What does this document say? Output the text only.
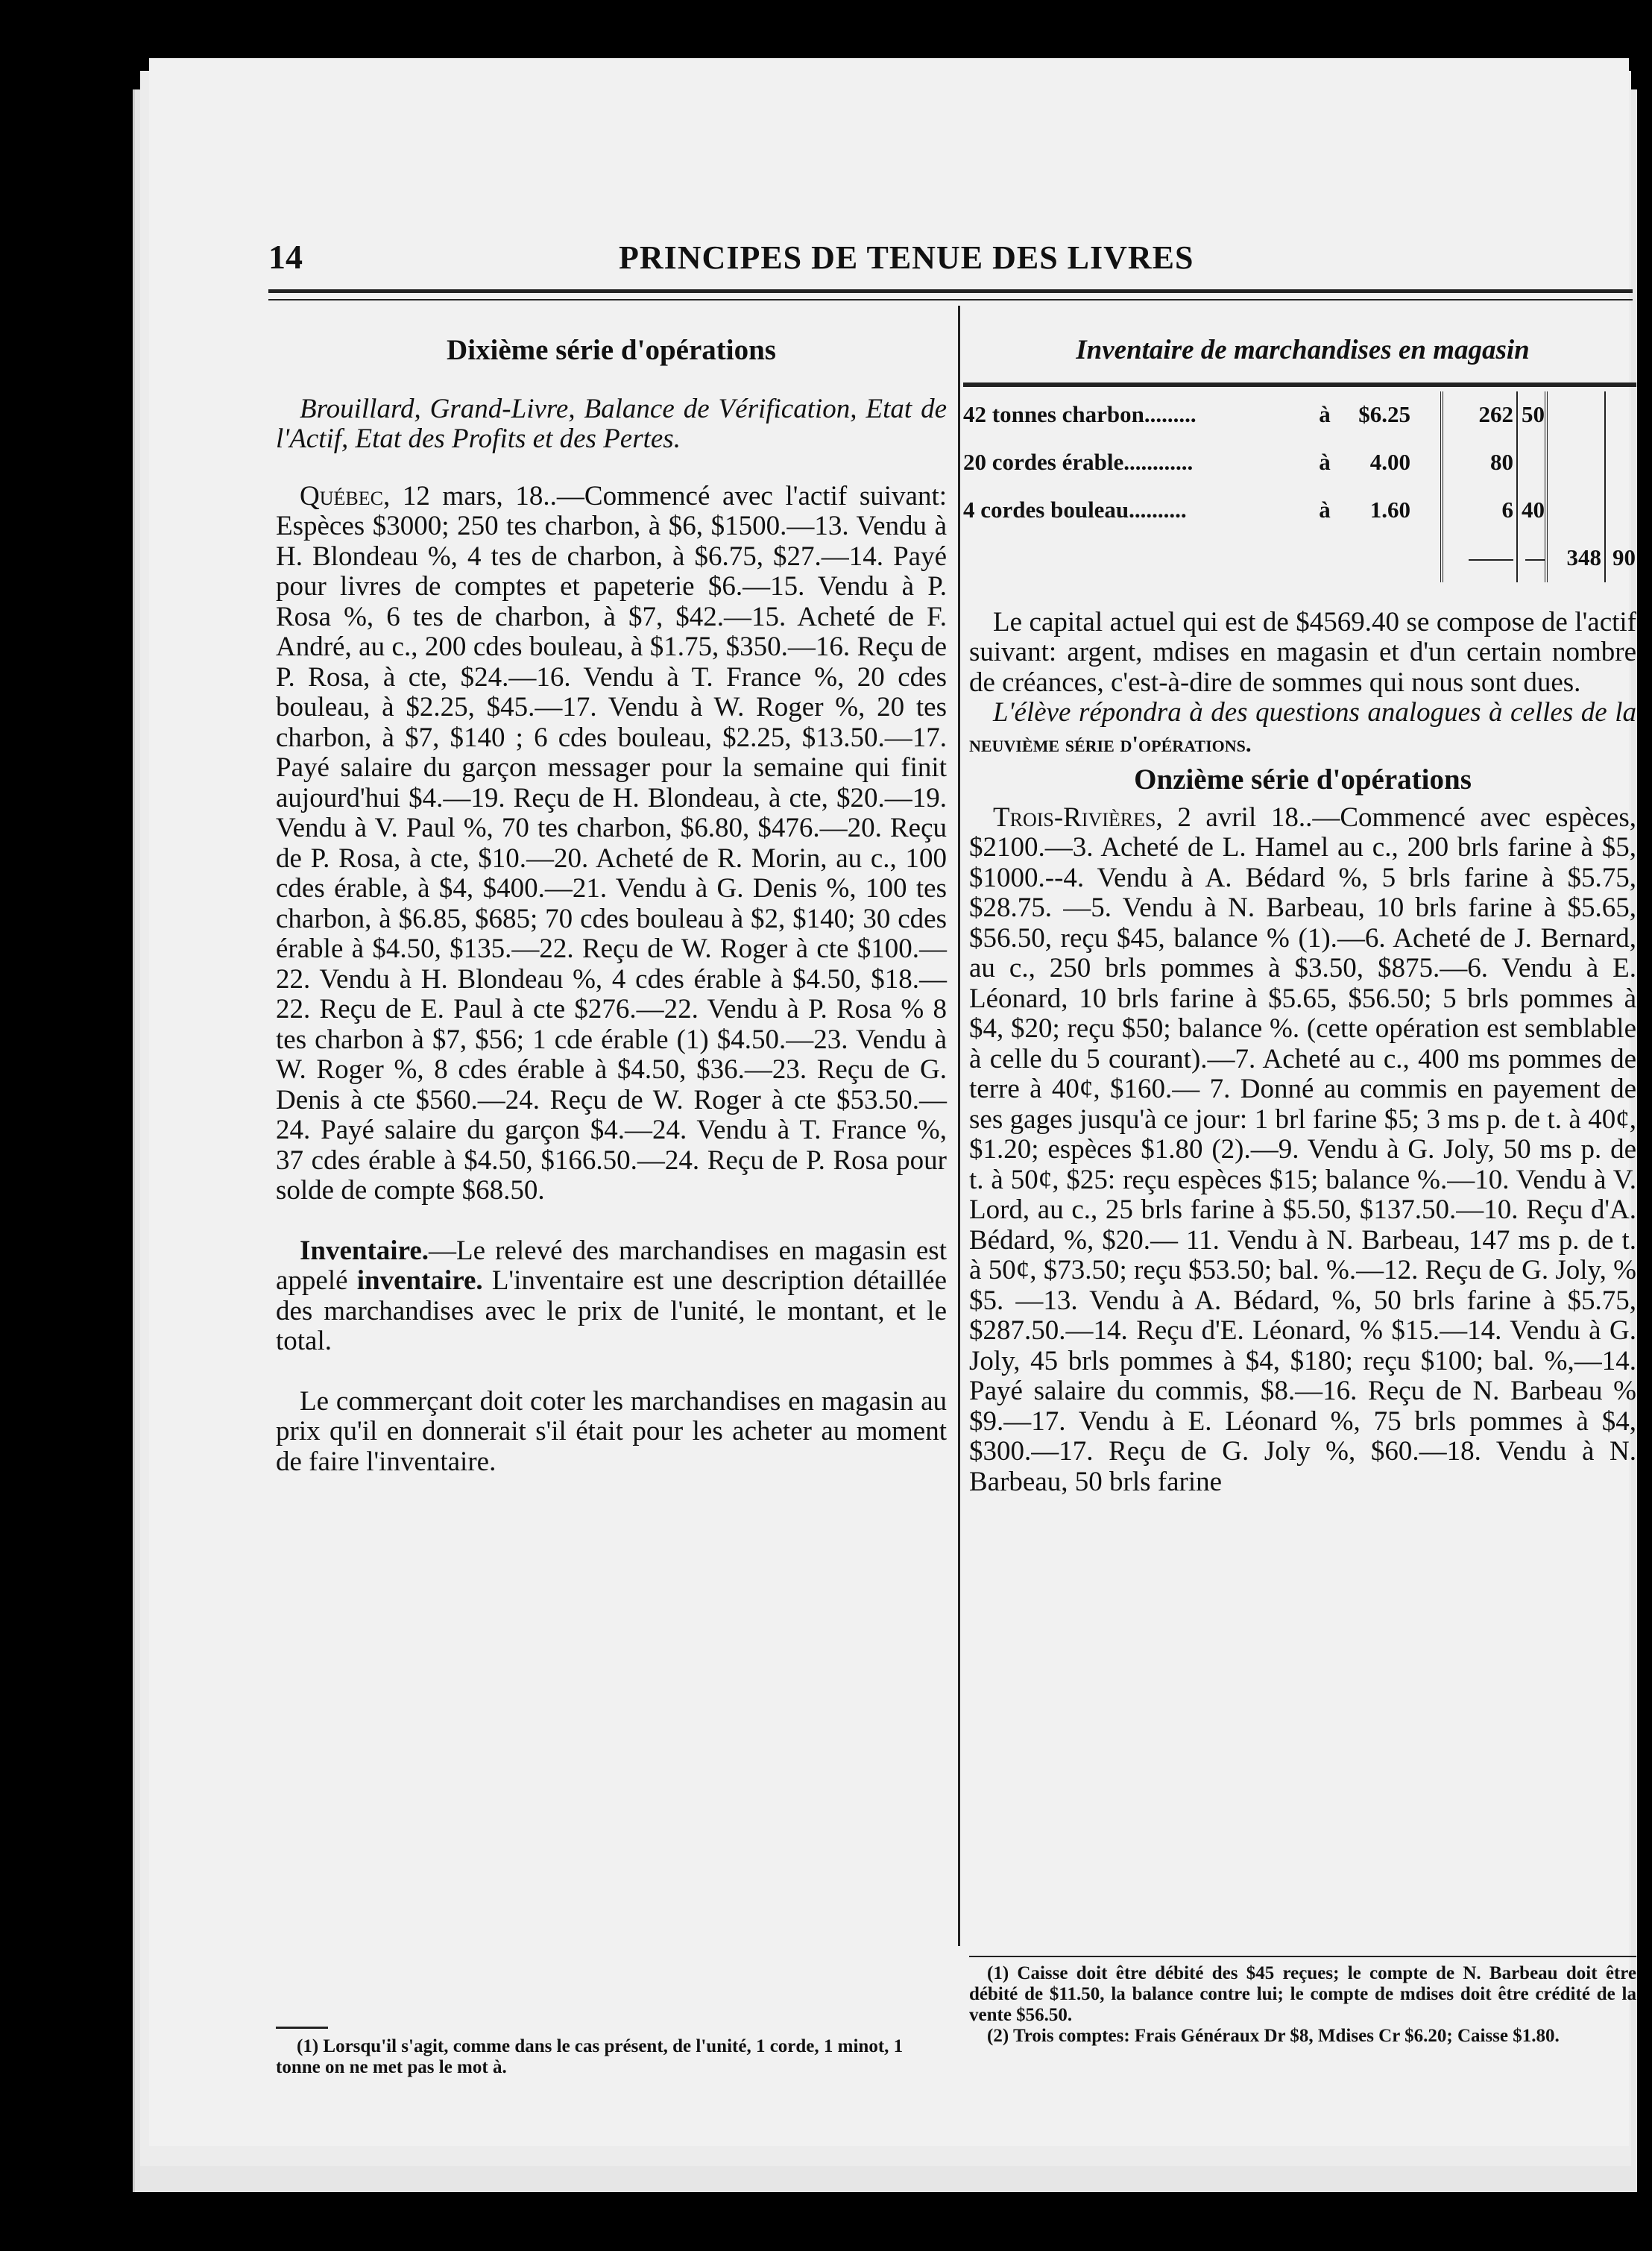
14	PRINCIPES DE TENUE DES LIVRES
Dixième série d'opérations

Brouillard, Grand-Livre, Balance de Vérification, Etat de l'Actif, Etat des Profits et des Pertes.

Québec, 12 mars, 18..—Commencé avec l'actif suivant: Espèces $3000; 250 tes charbon, à $6, $1500.—13. Vendu à H. Blondeau %, 4 tes de charbon, à $6.75, $27.—14. Payé pour livres de comptes et papeterie $6.—15. Vendu à P. Rosa %, 6 tes de charbon, à $7, $42.—15. Acheté de F. André, au c., 200 cdes bouleau, à $1.75, $350.—16. Reçu de P. Rosa, à cte, $24.—16. Vendu à T. France %, 20 cdes bouleau, à $2.25, $45.—17. Vendu à W. Roger %, 20 tes charbon, à $7, $140 ; 6 cdes bouleau, $2.25, $13.50.—17. Payé salaire du garçon messager pour la semaine qui finit aujourd'hui $4.—19. Reçu de H. Blondeau, à cte, $20.—19. Vendu à V. Paul %, 70 tes charbon, $6.80, $476.—20. Reçu de P. Rosa, à cte, $10.—20. Acheté de R. Morin, au c., 100 cdes érable, à $4, $400.—21. Vendu à G. Denis %, 100 tes charbon, à $6.85, $685; 70 cdes bouleau à $2, $140; 30 cdes érable à $4.50, $135.—22. Reçu de W. Roger à cte $100.—22. Vendu à H. Blondeau %, 4 cdes érable à $4.50, $18.—22. Reçu de E. Paul à cte $276.—22. Vendu à P. Rosa % 8 tes charbon à $7, $56; 1 cde érable (1) $4.50.—23. Vendu à W. Roger %, 8 cdes érable à $4.50, $36.—23. Reçu de G. Denis à cte $560.—24. Reçu de W. Roger à cte $53.50.—24. Payé salaire du garçon $4.—24. Vendu à T. France %, 37 cdes érable à $4.50, $166.50.—24. Reçu de P. Rosa pour solde de compte $68.50.

Inventaire.—Le relevé des marchandises en magasin est appelé inventaire. L'inventaire est une description détaillée des marchandises avec le prix de l'unité, le montant, et le total.

Le commerçant doit coter les marchandises en magasin au prix qu'il en donnerait s'il était pour les acheter au moment de faire l'inventaire.

(1) Lorsqu'il s'agit, comme dans le cas présent, de l'unité, 1 corde, 1 minot, 1 tonne on ne met pas le mot à.
Inventaire de marchandises en magasin
42 tonnes charbon.........	à	$6.25		262	50		
20 cordes érable............	à	4.00		80			
4 cordes bouleau..........	à	1.60		6	40		
						348	90

Le capital actuel qui est de $4569.40 se compose de l'actif suivant: argent, mdises en magasin et d'un certain nombre de créances, c'est-à-dire de sommes qui nous sont dues.

L'élève répondra à des questions analogues à celles de la neuvième série d'opérations.

Onzième série d'opérations

Trois-Rivières, 2 avril 18..—Commencé avec espèces, $2100.—3. Acheté de L. Hamel au c., 200 brls farine à $5, $1000.--4. Vendu à A. Bédard %, 5 brls farine à $5.75, $28.75. —5. Vendu à N. Barbeau, 10 brls farine à $5.65, $56.50, reçu $45, balance % (1).—6. Acheté de J. Bernard, au c., 250 brls pommes à $3.50, $875.—6. Vendu à E. Léonard, 10 brls farine à $5.65, $56.50; 5 brls pommes à $4, $20; reçu $50; balance %. (cette opération est semblable à celle du 5 courant).—7. Acheté au c., 400 ms pommes de terre à 40¢, $160.— 7. Donné au commis en payement de ses gages jusqu'à ce jour: 1 brl farine $5; 3 ms p. de t. à 40¢, $1.20; espèces $1.80 (2).—9. Vendu à G. Joly, 50 ms p. de t. à 50¢, $25: reçu espèces $15; balance %.—10. Vendu à V. Lord, au c., 25 brls farine à $5.50, $137.50.—10. Reçu d'A. Bédard, %, $20.— 11. Vendu à N. Barbeau, 147 ms p. de t. à 50¢, $73.50; reçu $53.50; bal. %.—12. Reçu de G. Joly, % $5. —13. Vendu à A. Bédard, %, 50 brls farine à $5.75, $287.50.—14. Reçu d'E. Léonard, % $15.—14. Vendu à G. Joly, 45 brls pommes à $4, $180; reçu $100; bal. %,—14. Payé salaire du commis, $8.—16. Reçu de N. Barbeau % $9.—17. Vendu à E. Léonard %, 75 brls pommes à $4, $300.—17. Reçu de G. Joly %, $60.—18. Vendu à N. Barbeau, 50 brls farine

(1) Caisse doit être débité des $45 reçues; le compte de N. Barbeau doit être débité de $11.50, la balance contre lui; le compte de mdises doit être crédité de la vente $56.50.
(2) Trois comptes: Frais Généraux Dr $8, Mdises Cr $6.20; Caisse $1.80.
